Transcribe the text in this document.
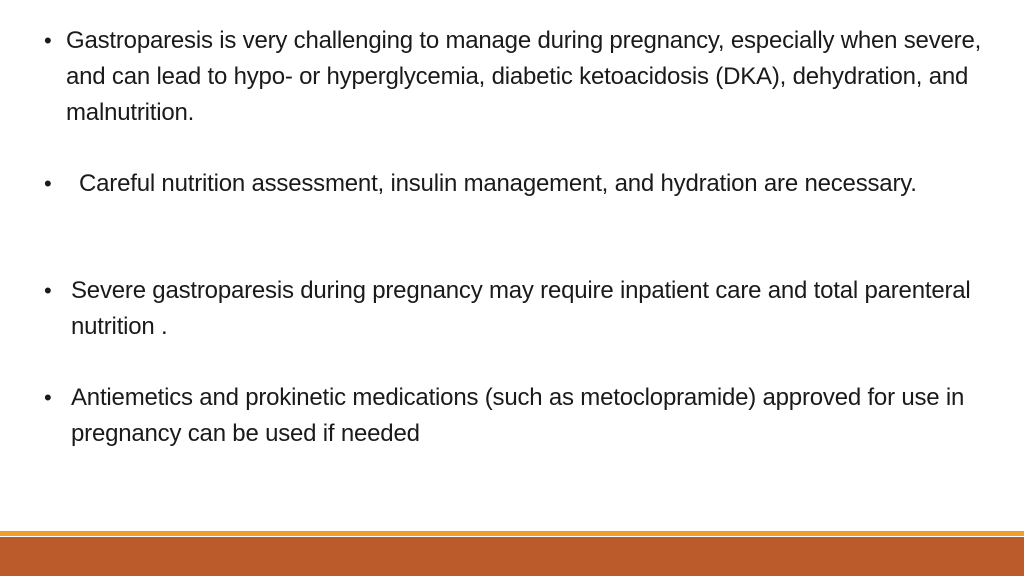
• Gastroparesis is very challenging to manage during pregnancy, especially when severe, and can lead to hypo- or hyperglycemia, diabetic ketoacidosis (DKA), dehydration, and malnutrition.
•	Careful nutrition assessment, insulin management, and hydration are necessary.
• Severe gastroparesis during pregnancy may require inpatient care and total parenteral nutrition .
• Antiemetics and prokinetic medications (such as metoclopramide) approved for use in pregnancy can be used if needed
